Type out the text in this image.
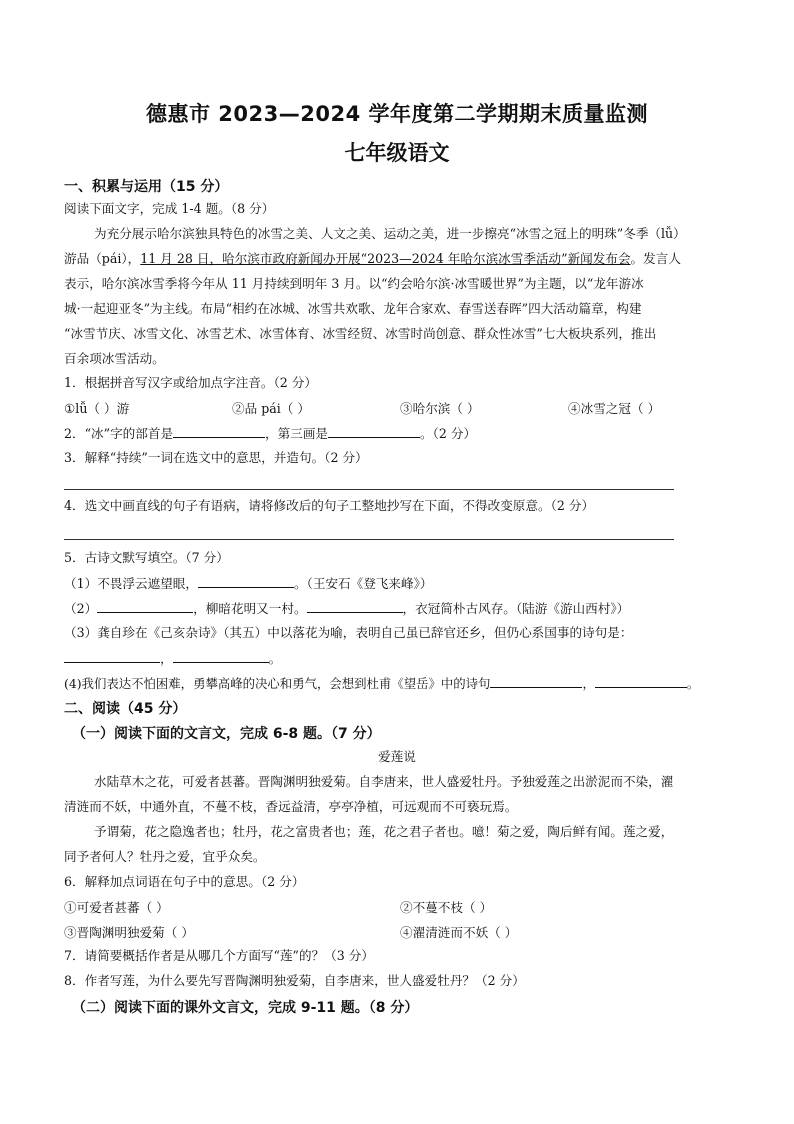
德惠市 2023—2024 学年度第二学期期末质量监测
七年级语文
一、积累与运用（15 分）
阅读下面文字，完成 1-4 题。（8 分）
为充分展示哈尔滨独具特色的冰雪之美、人文之美、运动之美，进一步擦亮“冰雪之冠上的明珠”冬季（lǚ）
游品（pái），11 月 28 日，哈尔滨市政府新闻办开展“2023—2024 年哈尔滨冰雪季活动”新闻发布会。发言人
表示，哈尔滨冰雪季将今年从 11 月持续到明年 3 月。以“约会哈尔滨·冰雪暖世界”为主题，以“龙年游冰
城·一起迎亚冬”为主线。布局“相约在冰城、冰雪共欢歌、龙年合家欢、春雪送春晖”四大活动篇章，构建
“冰雪节庆、冰雪文化、冰雪艺术、冰雪体育、冰雪经贸、冰雪时尚创意、群众性冰雪”七大板块系列，推出
百余项冰雪活动。
1．根据拼音写汉字或给加点字注音。（2 分）
①lǚ（ ）游	②品 pái（ ）	③哈尔滨（ ）	④冰雪之冠（ ）
2．“冰”字的部首是	，第三画是	。（2 分）
3．解释“持续”一词在选文中的意思，并造句。（2 分）
4．选文中画直线的句子有语病，请将修改后的句子工整地抄写在下面，不得改变原意。（2 分）
5．古诗文默写填空。（7 分）
（1）不畏浮云遮望眼，	。（王安石《登飞来峰》）
（2）	，柳暗花明又一村。	，衣冠简朴古风存。（陆游《游山西村》）
（3）龚自珍在《己亥杂诗》（其五）中以落花为喻，表明自己虽已辞官还乡，但仍心系国事的诗句是：
，	。
(4)我们表达不怕困难，勇攀高峰的决心和勇气，会想到杜甫《望岳》中的诗句	，	。
二、阅读（45 分）
（一）阅读下面的文言文，完成 6-8 题。（7 分）
爱莲说
水陆草木之花，可爱者甚蕃。晋陶渊明独爱菊。自李唐来，世人盛爱牡丹。予独爱莲之出淤泥而不染，濯
清涟而不妖，中通外直，不蔓不枝，香远益清，亭亭净植，可远观而不可亵玩焉。
予谓菊，花之隐逸者也；牡丹，花之富贵者也；莲，花之君子者也。噫！菊之爱，陶后鲜有闻。莲之爱，
同予者何人？牡丹之爱，宜乎众矣。
6．解释加点词语在句子中的意思。（2 分）
①可爱者甚蕃（ ）	②不蔓不枝（ ）
③晋陶渊明独爱菊（ ）	④濯清涟而不妖（ ）
7．请简要概括作者是从哪几个方面写“莲”的？（3 分）
8．作者写莲，为什么要先写晋陶渊明独爱菊，自李唐来，世人盛爱牡丹？（2 分）
（二）阅读下面的课外文言文，完成 9-11 题。（8 分）
